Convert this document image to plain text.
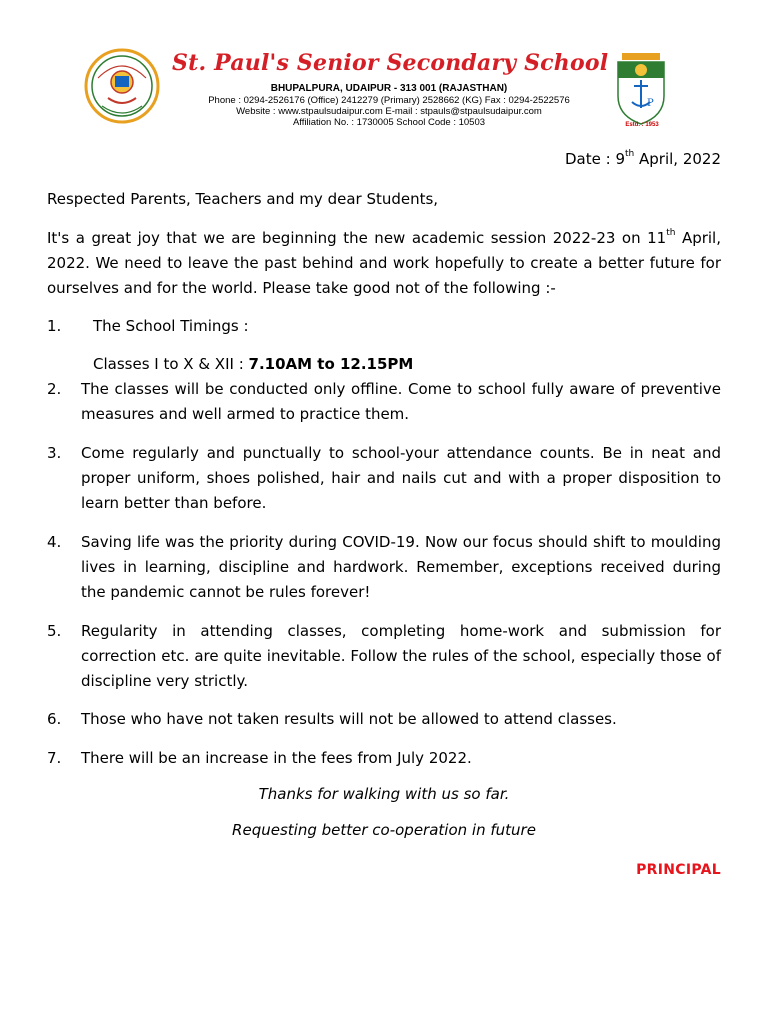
St. Paul's Senior Secondary School
BHUPALPURA, UDAIPUR - 313 001 (RAJASTHAN)
Phone : 0294-2526176 (Office) 2412279 (Primary) 2528662 (KG) Fax : 0294-2522576
Website : www.stpaulsudaipur.com E-mail : stpauls@stpaulsudaipur.com
Affiliation No. : 1730005 School Code : 10503
P
Estd. : 1953
Date : 9th April, 2022
Respected Parents, Teachers and my dear Students,
It's a great joy that we are beginning the new academic session 2022-23 on 11th April, 2022. We need to leave the past behind and work hopefully to create a better future for ourselves and for the world. Please take good not of the following :-
1. The School Timings :
Classes I to X & XII : 7.10AM to 12.15PM
2. The classes will be conducted only offline. Come to school fully aware of preventive measures and well armed to practice them.
3. Come regularly and punctually to school-your attendance counts. Be in neat and proper uniform, shoes polished, hair and nails cut and with a proper disposition to learn better than before.
4. Saving life was the priority during COVID-19. Now our focus should shift to moulding lives in learning, discipline and hardwork. Remember, exceptions received during the pandemic cannot be rules forever!
5. Regularity in attending classes, completing home-work and submission for correction etc. are quite inevitable. Follow the rules of the school, especially those of discipline very strictly.
6. Those who have not taken results will not be allowed to attend classes.
7. There will be an increase in the fees from July 2022.
Thanks for walking with us so far.
Requesting better co-operation in future
PRINCIPAL
